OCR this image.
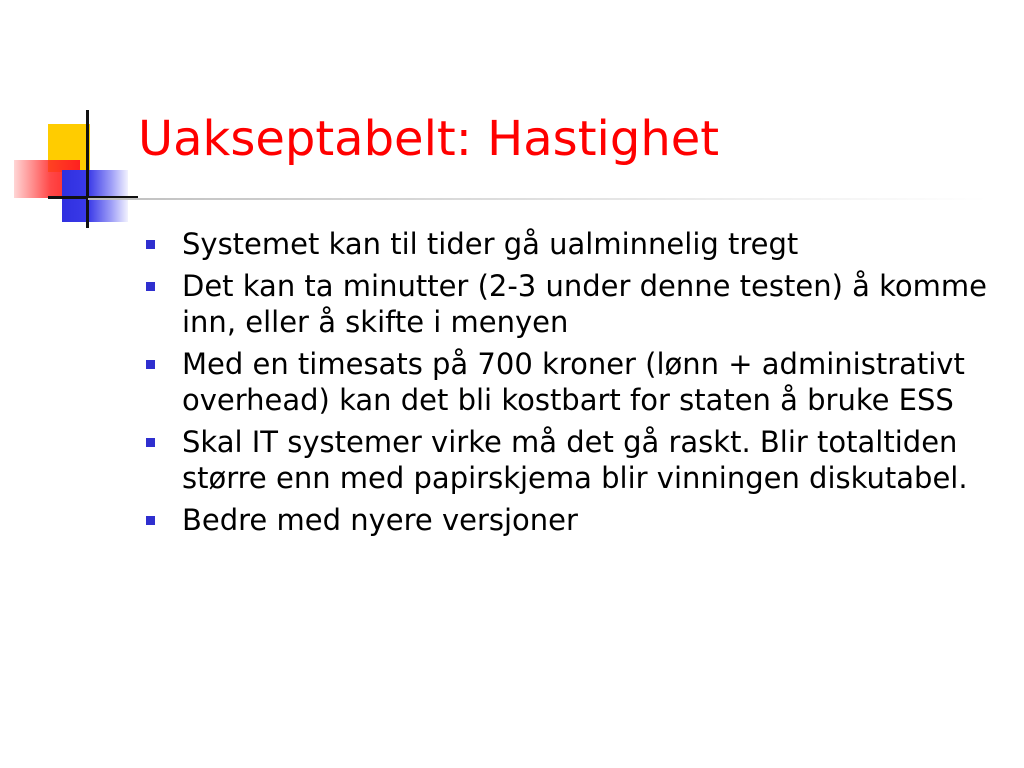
Uakseptabelt: Hastighet
Systemet kan til tider gå ualminnelig tregt
Det kan ta minutter (2-3 under denne testen) å komme inn, eller å skifte i menyen
Med en timesats på 700 kroner (lønn + administrativt overhead) kan det bli kostbart for staten å bruke ESS
Skal IT systemer virke må det gå raskt. Blir totaltiden større enn med papirskjema blir vinningen diskutabel.
Bedre med nyere versjoner
